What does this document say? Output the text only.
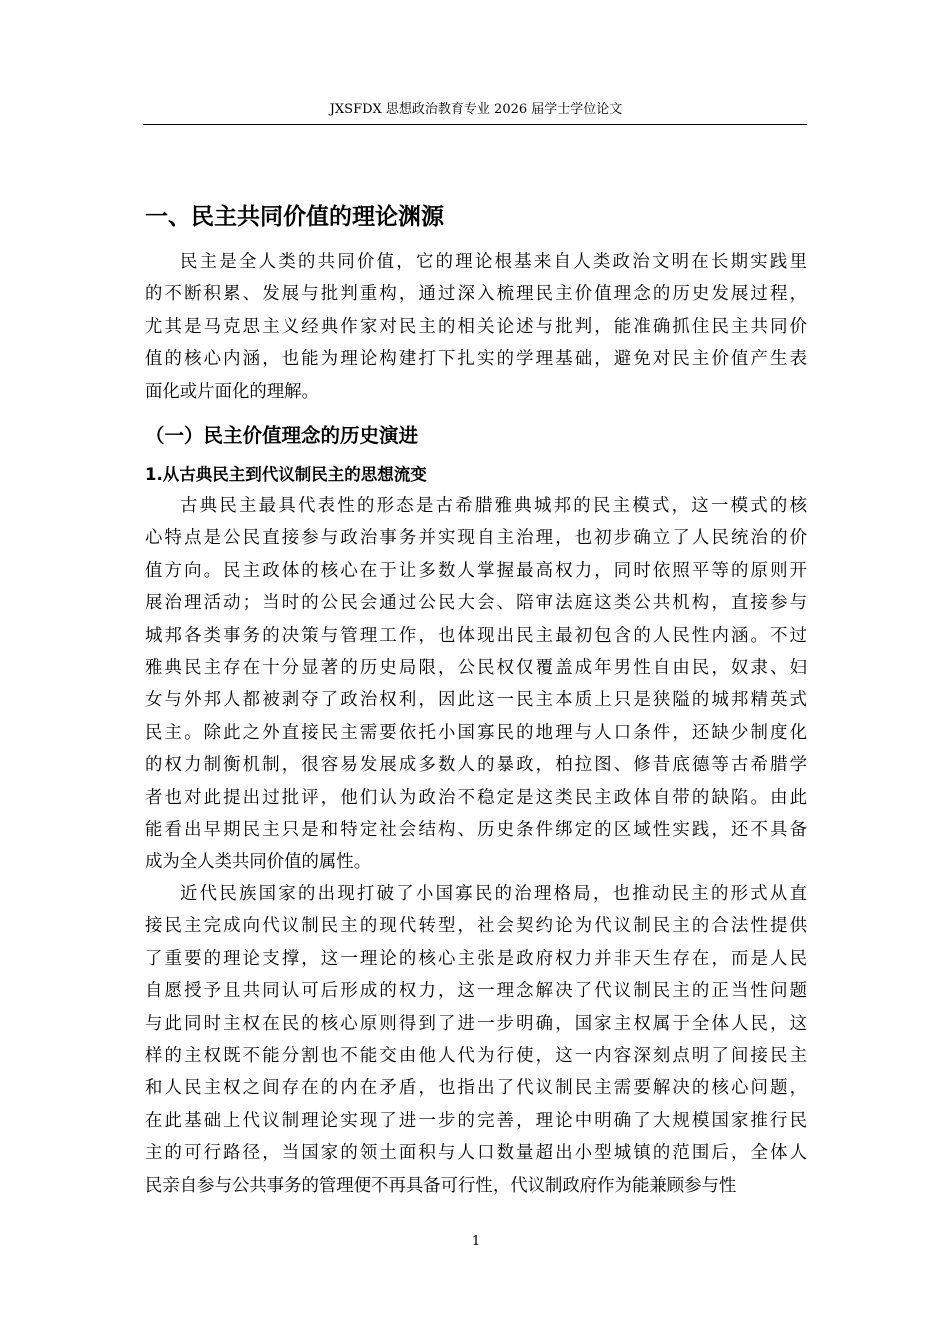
JXSFDX 思想政治教育专业 2026 届学士学位论文
一、民主共同价值的理论渊源
民主是全人类的共同价值，它的理论根基来自人类政治文明在长期实践里
的不断积累、发展与批判重构，通过深入梳理民主价值理念的历史发展过程，
尤其是马克思主义经典作家对民主的相关论述与批判，能准确抓住民主共同价
值的核心内涵，也能为理论构建打下扎实的学理基础，避免对民主价值产生表
面化或片面化的理解。
（一）民主价值理念的历史演进
1.从古典民主到代议制民主的思想流变
古典民主最具代表性的形态是古希腊雅典城邦的民主模式，这一模式的核
心特点是公民直接参与政治事务并实现自主治理，也初步确立了人民统治的价
值方向。民主政体的核心在于让多数人掌握最高权力，同时依照平等的原则开
展治理活动；当时的公民会通过公民大会、陪审法庭这类公共机构，直接参与
城邦各类事务的决策与管理工作，也体现出民主最初包含的人民性内涵。不过
雅典民主存在十分显著的历史局限，公民权仅覆盖成年男性自由民，奴隶、妇
女与外邦人都被剥夺了政治权利，因此这一民主本质上只是狭隘的城邦精英式
民主。除此之外直接民主需要依托小国寡民的地理与人口条件，还缺少制度化
的权力制衡机制，很容易发展成多数人的暴政，柏拉图、修昔底德等古希腊学
者也对此提出过批评，他们认为政治不稳定是这类民主政体自带的缺陷。由此
能看出早期民主只是和特定社会结构、历史条件绑定的区域性实践，还不具备
成为全人类共同价值的属性。
近代民族国家的出现打破了小国寡民的治理格局，也推动民主的形式从直
接民主完成向代议制民主的现代转型，社会契约论为代议制民主的合法性提供
了重要的理论支撑，这一理论的核心主张是政府权力并非天生存在，而是人民
自愿授予且共同认可后形成的权力，这一理念解决了代议制民主的正当性问题
与此同时主权在民的核心原则得到了进一步明确，国家主权属于全体人民，这
样的主权既不能分割也不能交由他人代为行使，这一内容深刻点明了间接民主
和人民主权之间存在的内在矛盾，也指出了代议制民主需要解决的核心问题，
在此基础上代议制理论实现了进一步的完善，理论中明确了大规模国家推行民
主的可行路径，当国家的领土面积与人口数量超出小型城镇的范围后，全体人
民亲自参与公共事务的管理便不再具备可行性，代议制政府作为能兼顾参与性
1
